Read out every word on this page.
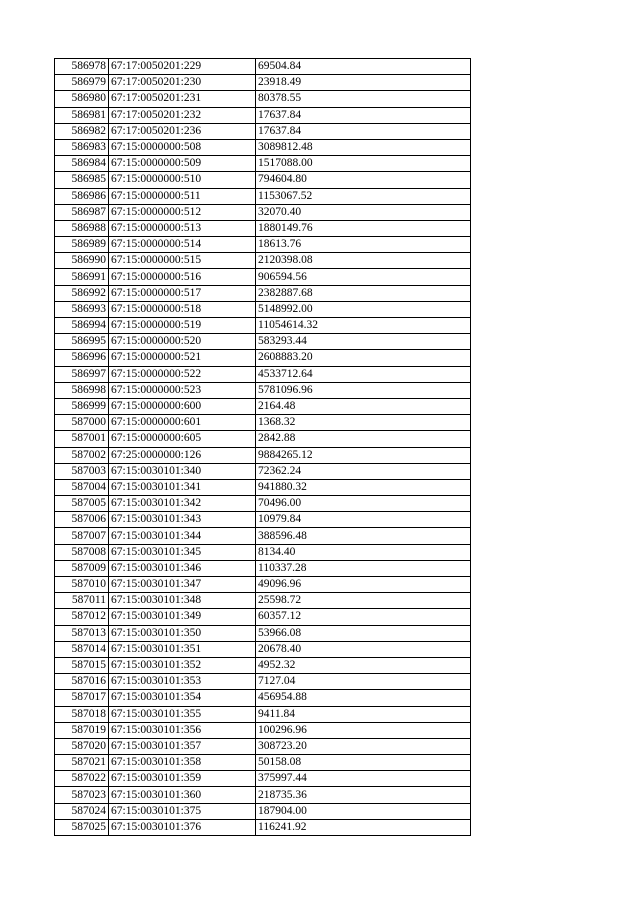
586978	67:17:0050201:229	69504.84
586979	67:17:0050201:230	23918.49
586980	67:17:0050201:231	80378.55
586981	67:17:0050201:232	17637.84
586982	67:17:0050201:236	17637.84
586983	67:15:0000000:508	3089812.48
586984	67:15:0000000:509	1517088.00
586985	67:15:0000000:510	794604.80
586986	67:15:0000000:511	1153067.52
586987	67:15:0000000:512	32070.40
586988	67:15:0000000:513	1880149.76
586989	67:15:0000000:514	18613.76
586990	67:15:0000000:515	2120398.08
586991	67:15:0000000:516	906594.56
586992	67:15:0000000:517	2382887.68
586993	67:15:0000000:518	5148992.00
586994	67:15:0000000:519	11054614.32
586995	67:15:0000000:520	583293.44
586996	67:15:0000000:521	2608883.20
586997	67:15:0000000:522	4533712.64
586998	67:15:0000000:523	5781096.96
586999	67:15:0000000:600	2164.48
587000	67:15:0000000:601	1368.32
587001	67:15:0000000:605	2842.88
587002	67:25:0000000:126	9884265.12
587003	67:15:0030101:340	72362.24
587004	67:15:0030101:341	941880.32
587005	67:15:0030101:342	70496.00
587006	67:15:0030101:343	10979.84
587007	67:15:0030101:344	388596.48
587008	67:15:0030101:345	8134.40
587009	67:15:0030101:346	110337.28
587010	67:15:0030101:347	49096.96
587011	67:15:0030101:348	25598.72
587012	67:15:0030101:349	60357.12
587013	67:15:0030101:350	53966.08
587014	67:15:0030101:351	20678.40
587015	67:15:0030101:352	4952.32
587016	67:15:0030101:353	7127.04
587017	67:15:0030101:354	456954.88
587018	67:15:0030101:355	9411.84
587019	67:15:0030101:356	100296.96
587020	67:15:0030101:357	308723.20
587021	67:15:0030101:358	50158.08
587022	67:15:0030101:359	375997.44
587023	67:15:0030101:360	218735.36
587024	67:15:0030101:375	187904.00
587025	67:15:0030101:376	116241.92
